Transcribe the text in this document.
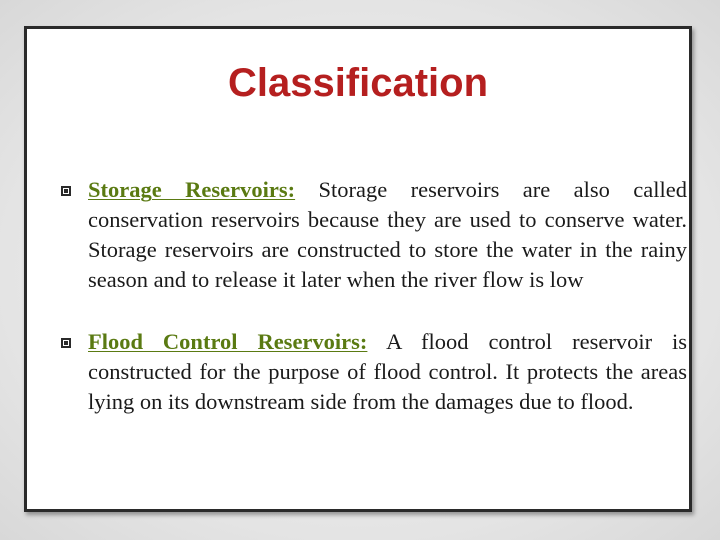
Classification
Storage Reservoirs: Storage reservoirs are also called conservation reservoirs because they are used to conserve water. Storage reservoirs are constructed to store the water in the rainy season and to release it later when the river flow is low
Flood Control Reservoirs: A flood control reservoir is constructed for the purpose of flood control. It protects the areas lying on its downstream side from the damages due to flood.
